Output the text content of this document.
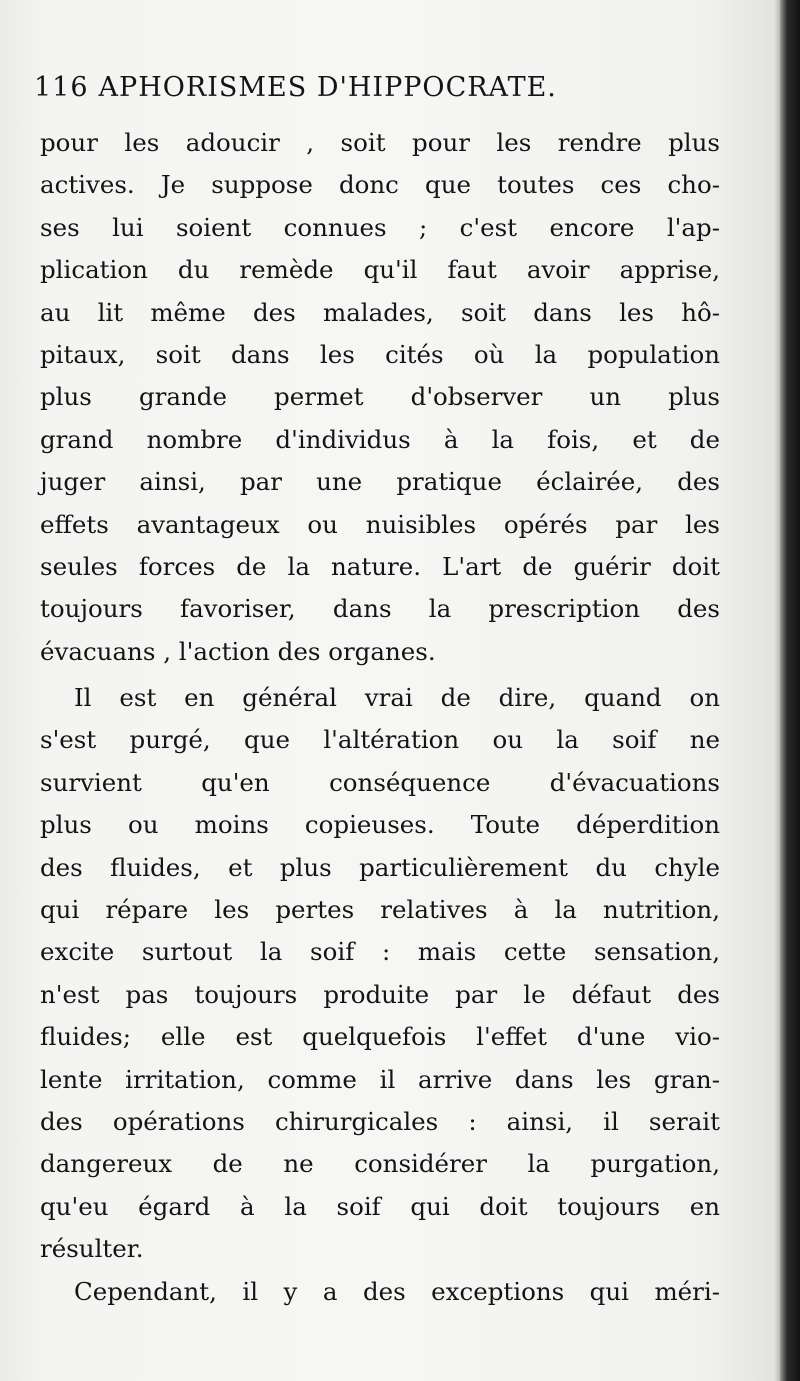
116 APHORISMES D'HIPPOCRATE.
pour les adoucir , soit pour les rendre plus
actives. Je suppose donc que toutes ces cho-
ses lui soient connues ; c'est encore l'ap-
plication du remède qu'il faut avoir apprise,
au lit même des malades, soit dans les hô-
pitaux, soit dans les cités où la population
plus grande permet d'observer un plus
grand nombre d'individus à la fois, et de
juger ainsi, par une pratique éclairée, des
effets avantageux ou nuisibles opérés par les
seules forces de la nature. L'art de guérir doit
toujours favoriser, dans la prescription des
évacuans , l'action des organes.
Il est en général vrai de dire, quand on
s'est purgé, que l'altération ou la soif ne
survient qu'en conséquence d'évacuations
plus ou moins copieuses. Toute déperdition
des fluides, et plus particulièrement du chyle
qui répare les pertes relatives à la nutrition,
excite surtout la soif : mais cette sensation,
n'est pas toujours produite par le défaut des
fluides; elle est quelquefois l'effet d'une vio-
lente irritation, comme il arrive dans les gran-
des opérations chirurgicales : ainsi, il serait
dangereux de ne considérer la purgation,
qu'eu égard à la soif qui doit toujours en
résulter.
Cependant, il y a des exceptions qui méri-
